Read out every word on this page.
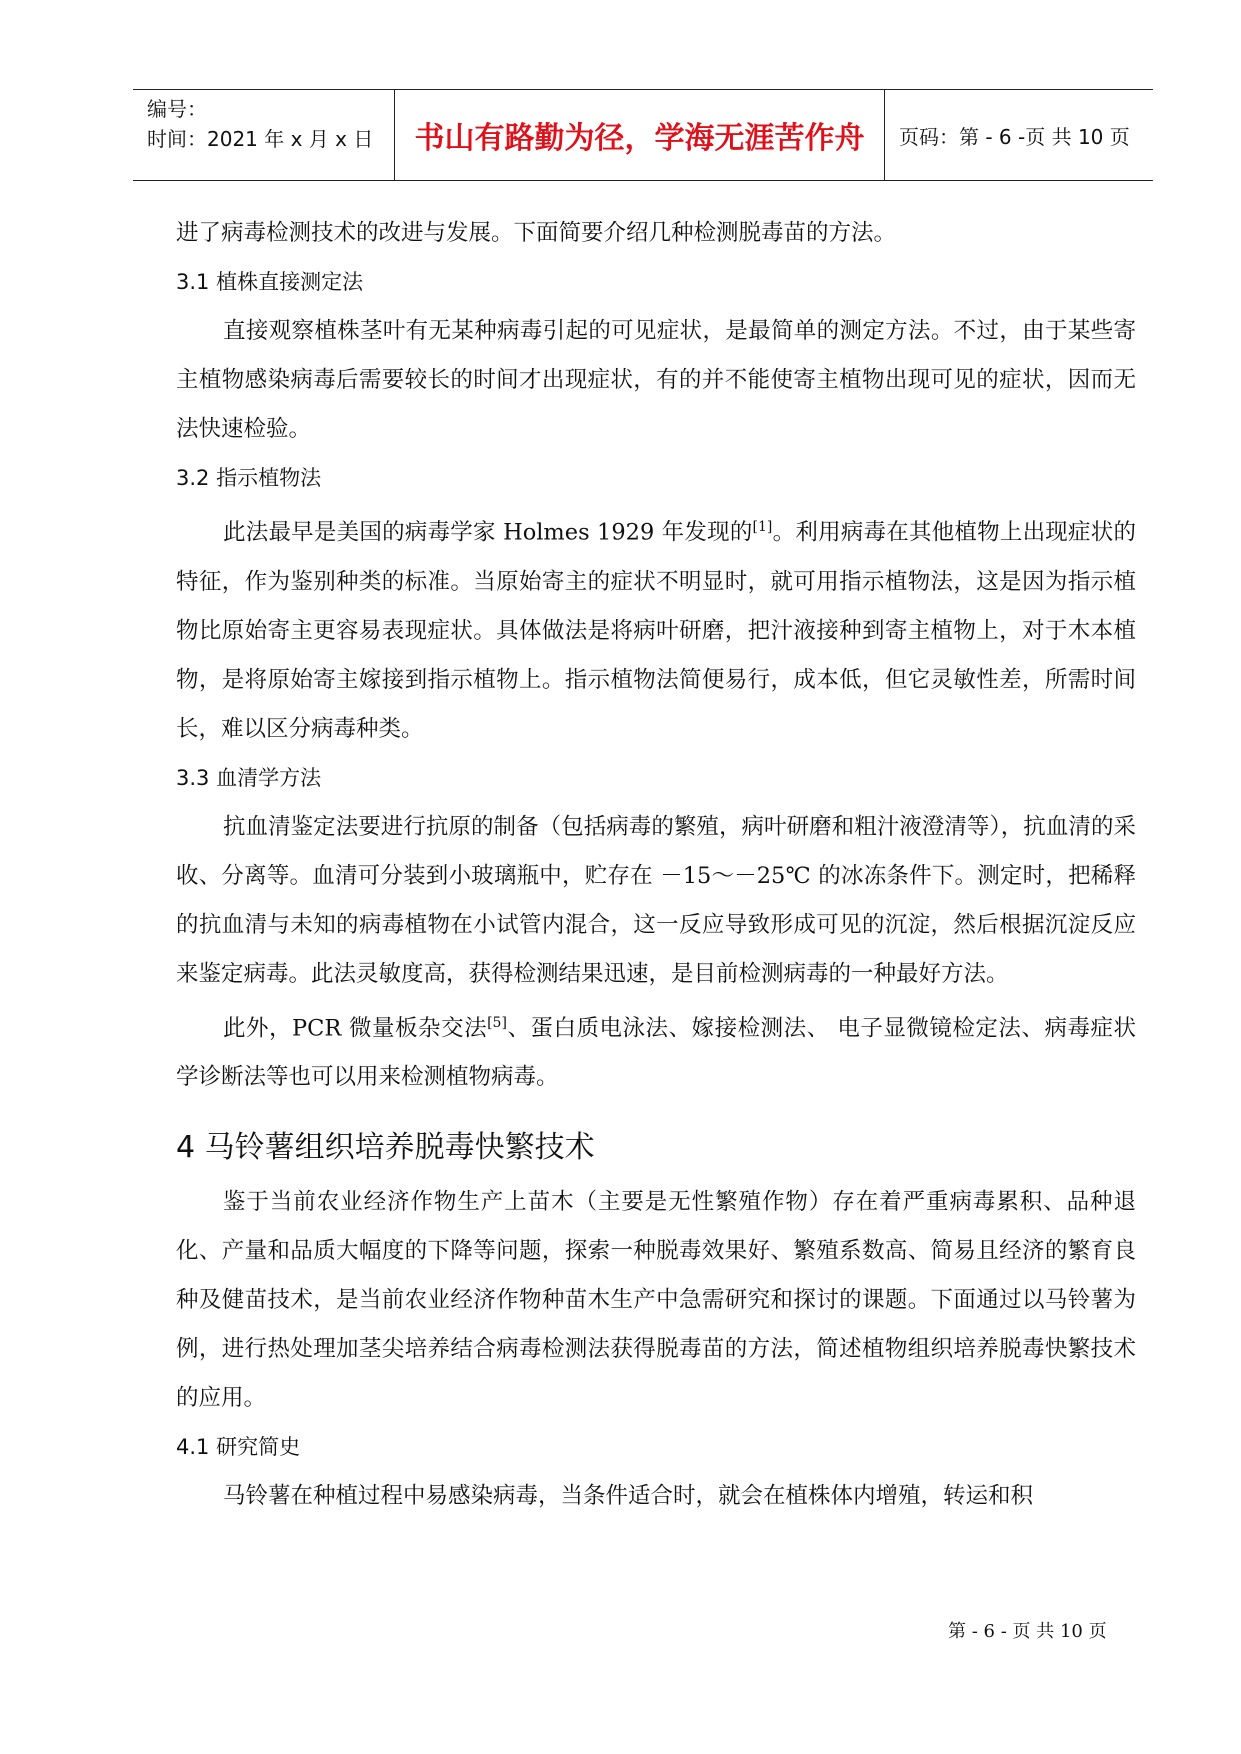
编号：
时间：2021 年 x 月 x 日	书山有路勤为径，学海无涯苦作舟	页码：第 - 6 -页 共 10 页

进了病毒检测技术的改进与发展。下面简要介绍几种检测脱毒苗的方法。

3.1 植株直接测定法

直接观察植株茎叶有无某种病毒引起的可见症状，是最简单的测定方法。不过，由于某些寄主植物感染病毒后需要较长的时间才出现症状，有的并不能使寄主植物出现可见的症状，因而无法快速检验。

3.2 指示植物法

此法最早是美国的病毒学家 Holmes 1929 年发现的[1]。利用病毒在其他植物上出现症状的特征，作为鉴别种类的标准。当原始寄主的症状不明显时，就可用指示植物法，这是因为指示植物比原始寄主更容易表现症状。具体做法是将病叶研磨，把汁液接种到寄主植物上，对于木本植物，是将原始寄主嫁接到指示植物上。指示植物法简便易行，成本低，但它灵敏性差，所需时间长，难以区分病毒种类。

3.3 血清学方法

抗血清鉴定法要进行抗原的制备（包括病毒的繁殖，病叶研磨和粗汁液澄清等），抗血清的采收、分离等。血清可分装到小玻璃瓶中，贮存在 －15～－25℃ 的冰冻条件下。测定时，把稀释的抗血清与未知的病毒植物在小试管内混合，这一反应导致形成可见的沉淀，然后根据沉淀反应来鉴定病毒。此法灵敏度高，获得检测结果迅速，是目前检测病毒的一种最好方法。

此外，PCR 微量板杂交法[5]、蛋白质电泳法、嫁接检测法、 电子显微镜检定法、病毒症状学诊断法等也可以用来检测植物病毒。

4 马铃薯组织培养脱毒快繁技术

鉴于当前农业经济作物生产上苗木（主要是无性繁殖作物）存在着严重病毒累积、品种退化、产量和品质大幅度的下降等问题，探索一种脱毒效果好、繁殖系数高、简易且经济的繁育良种及健苗技术，是当前农业经济作物种苗木生产中急需研究和探讨的课题。下面通过以马铃薯为例，进行热处理加茎尖培养结合病毒检测法获得脱毒苗的方法，简述植物组织培养脱毒快繁技术的应用。

4.1 研究简史

马铃薯在种植过程中易感染病毒，当条件适合时，就会在植株体内增殖，转运和积

第 - 6 - 页 共 10 页
